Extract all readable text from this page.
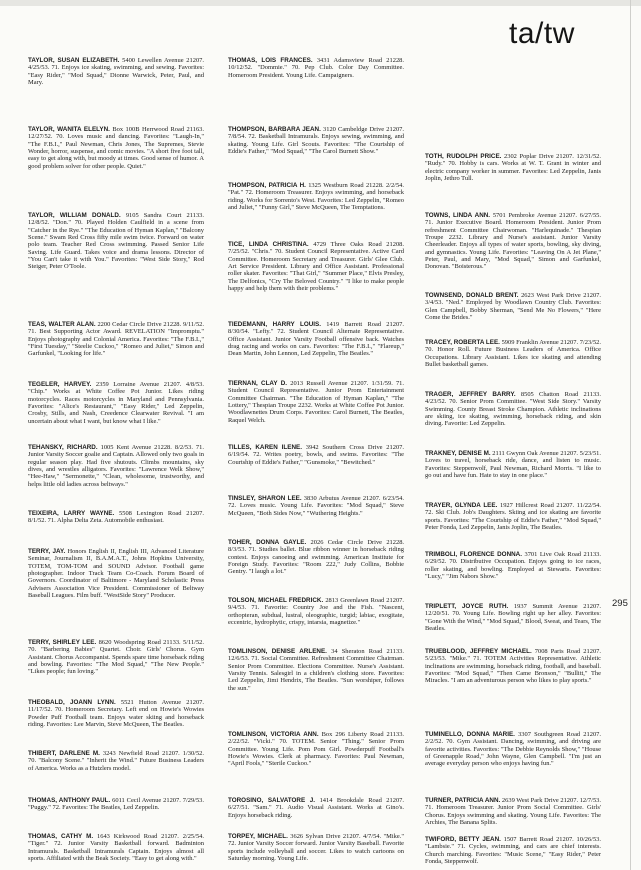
ta/tw
295
TAYLOR, SUSAN ELIZABETH. 5400 Lewellen Avenue 21207. 4/25/53. 71. Enjoys ice skating, swimming, and sewing. Favorites: "Easy Rider," "Mod Squad," Dionne Warwick, Peter, Paul, and Mary.
TAYLOR, WANITA ELELYN. Box 100B Herrwood Road 21163. 12/27/52. 70. Loves music and dancing. Favorites: "Laugh-In," "The F.B.I.," Paul Newman, Chris Jones, The Supremes, Stevie Wonder, horror, suspense, and comic movies. "A short five foot tall, easy to get along with, but moody at times. Good sense of humor. A good problem solver for other people. Quiet."
TAYLOR, WILLIAM DONALD. 9105 Sandra Court 21133. 12/8/52. "Don." 70. Played Holden Caulfield in a scene from "Catcher in the Rye." "The Education of Hyman Kaplan," "Balcony Scene." Swam Red Cross fifty mile swim twice. Forward on water polo team. Teacher Red Cross swimming. Passed Senior Life Saving. Life Guard. Takes voice and drama lessons. Director of "You Can't take it with You." Favorites: "West Side Story," Rod Steiger, Peter O'Toole.
TEAS, WALTER ALAN. 2200 Cedar Circle Drive 21228. 9/11/52. 71. Best Supporting Actor Award. REVELATION "Impromptu." Enjoys photography and Colonial America. Favorites: "The F.B.I.," "First Tuesday," "Steelie Cuckoo," "Romeo and Juliet," Simon and Garfunkel, "Looking for life."
TEGELER, HARVEY. 2359 Lorraine Avenue 21207. 4/8/53. "Chip." Works at White Coffee Pot Junior. Likes riding motorcycles. Races motorcycles in Maryland and Pennsylvania. Favorites: "Alice's Restaurant," "Easy Rider," Led Zeppelin, Crosby, Stills, and Nash, Creedence Clearwater Revival. "I am uncertain about what I want, but know what I like."
TEHANSKY, RICHARD. 1005 Kent Avenue 21228. 8/2/53. 71. Junior Varsity Soccer goalie and Captain. Allowed only two goals in regular season play. Had five shutouts. Climbs mountains, sky dives, and wrestles alligators. Favorites: "Lawrence Welk Show," "Hee-Haw," "Sermonette," "Clean, wholesome, trustworthy, and helps little old ladies across beltways."
TEIXEIRA, LARRY WAYNE. 5508 Lexington Road 21207. 8/1/52. 71. Alpha Delta Zeta. Automobile enthusiast.
TERRY, JAY. Honors English II, English III, Advanced Literature Seminar, Journalism II, B.A.M.A.T., Johns Hopkins University, TOTEM, TOM-TOM and SOUND Advisor. Football game photographer. Indoor Track Team Co-Coach. Forum Board of Governors. Coordinator of Baltimore - Maryland Scholastic Press Advisers Association Vice President. Commissioner of Beltway Baseball Leagues. Film buff. "WestSide Story" Producer.
TERRY, SHIRLEY LEE. 8620 Woodspring Road 21133. 5/11/52. 70. "Barbering Babies" Quartet. Choir. Girls' Chorus. Gym Assistant. Chorus Accompanist. Spends spare time horseback riding and bowling. Favorites: "The Mod Squad," "The New People." "Likes people; fun loving."
THEOBALD, JOANN LYNN. 5521 Hutton Avenue 21207. 11/17/52. 70. Homeroom Secretary. Left end on Howie's Wowies Powder Puff Football team. Enjoys water skiing and horseback riding. Favorites: Lee Marvin, Steve McQueen, The Beatles.
THIBERT, DARLENE M. 3243 Newfield Road 21207. 1/30/52. 70. "Balcony Scene." "Inherit the Wind." Future Business Leaders of America. Works as a Hutzlers model.
THOMAS, ANTHONY PAUL. 6011 Cecil Avenue 21207. 7/29/53. "Puggy." 72. Favorites: The Beatles, Led Zeppelin.
THOMAS, CATHY M. 1643 Kirkwood Road 21207. 2/25/54. "Tiger." 72. Junior Varsity Basketball forward. Badminton Intramurals. Basketball Intramurals Captain. Enjoys almost all sports. Affiliated with the Beak Society. "Easy to get along with."
THOMAS, LOIS FRANCES. 3431 Adamsview Road 21228. 10/12/52. "Dommie." 70. Pep Club. Color Day Committee. Homeroom President. Young Life. Campaigners.
THOMPSON, BARBARA JEAN. 3120 Cambeldge Drive 21207. 7/8/54. 72. Basketball Intramurals. Enjoys sewing, swimming, and skating. Young Life. Girl Scouts. Favorites: "The Courtship of Eddie's Father," "Mod Squad," "The Carol Burnett Show."
THOMPSON, PATRICIA H. 1325 Westburn Road 21228. 2/2/54. "Pat." 72. Homeroom Treasurer. Enjoys swimming, and horseback riding. Works for Sorrento's West. Favorites: Led Zeppelin, "Romeo and Juliet," "Funny Girl," Steve McQueen, The Temptations.
TICE, LINDA CHRISTINA. 4729 Three Oaks Road 21208. 7/25/52. "Chris." 70. Student Council Representative. Active Card Committee. Homeroom Secretary and Treasurer. Girls' Glee Club. Art Service President. Library and Office Assistant. Professional roller skater. Favorites: "That Girl," "Summer Place," Elvis Presley, The Delfonics, "Cry The Beloved Country." "I like to make people happy and help them with their problems."
TIEDEMANN, HARRY LOUIS. 1419 Barrett Road 21207. 8/30/54. "Lefty." 72. Student Council Alternate Representative. Office Assistant. Junior Varsity Football offensive back. Watches drag racing and works on cars. Favorites: "The F.B.I.," "Flareup," Dean Martin, John Lennon, Led Zeppelin, The Beatles."
TIERNAN, CLAY D. 2013 Russell Avenue 21207. 1/31/59. 71. Student Council Representative. Junior Prom Entertainment Committee Chairman. "The Education of Hyman Kaplan," "The Lottery," Thespian Troupe 2232. Works at White Coffee Pot Junior. Woodlawnettes Drum Corps. Favorites: Carol Burnett, The Beatles, Raquel Welch.
TILLES, KAREN ILENE. 3942 Southern Cross Drive 21207. 6/19/54. 72. Writes poetry, bowls, and swims. Favorites: "The Courtship of Eddie's Father," "Gunsmoke," "Bewitched."
TINSLEY, SHARON LEE. 3830 Arbutus Avenue 21207. 6/23/54. 72. Loves music. Young Life. Favorites: "Mod Squad," Steve McQueen, "Both Sides Now," "Wuthering Heights."
TOHER, DONNA GAYLE. 2026 Cedar Circle Drive 21228. 8/3/53. 71. Studies ballet. Blue ribbon winner in horseback riding contest. Enjoys canoeing and swimming. American Institute for Foreign Study. Favorites: "Room 222," Judy Collins, Bobbie Gentry. "I laugh a lot."
TOLSON, MICHAEL FREDRICK. 2813 Greenlawn Road 21207. 9/4/53. 71. Favorite: Country Joe and the Fish. "Nascent, orthopteran, subdual, lustral, oleographic, turgid; labiac, exogitate, eccentric, hydrophytic, crispy, intarsia, magnetize."
TOMLINSON, DENISE ARLENE. 34 Sheraton Road 21133. 12/6/53. 71. Social Committee. Refreshment Committee Chairman. Senior Prom Committee. Elections Committee. Nurse's Assistant. Varsity Tennis. Salesgirl in a children's clothing store. Favorites: Led Zeppelin, Jimi Hendrix, The Beatles. "Sun worshiper, follows the sun."
TOMLINSON, VICTORIA ANN. Box 296 Liberty Road 21133. 2/22/52. "Vicki." 70. TOTEM. Senior "Thing." Senior Prom Committee. Young Life. Pom Pom Girl. Powderpuff Football's Howie's Wowies. Clerk at pharmacy. Favorites: Paul Newman, "April Fools," "Sterile Cuckoo."
TOROSINO, SALVATORE J. 1414 Brookdale Road 21207. 6/27/51. "Sam." 71. Audio Visual Assistant. Works at Gino's. Enjoys horseback riding.
TORPEY, MICHAEL. 3626 Sylvan Drive 21207. 4/7/54. "Mike." 72. Junior Varsity Soccer forward. Junior Varsity Baseball. Favorite sports include volleyball and soccer. Likes to watch cartoons on Saturday morning. Young Life.
TOTH, RUDOLPH PRICE. 2302 Poplar Drive 21207. 12/31/52. "Rudy." 70. Hobby is cars. Works at W. T. Grant in winter and electric company worker in summer. Favorites: Led Zeppelin, Janis Joplin, Jethro Tull.
TOWNS, LINDA ANN. 5701 Pembroke Avenue 21207. 6/27/55. 71. Junior Executive Board. Homeroom President. Junior Prom refreshment Committee Chairwoman. "Harlequinade." Thespian Troupe 2232. Library and Nurse's assistant. Junior Varsity Cheerleader. Enjoys all types of water sports, bowling, sky diving, and gymnastics. Young Life. Favorites: "Leaving On A Jet Plane," Peter, Paul, and Mary, "Mod Squad," Simon and Garfunkel, Donovan. "Boisterous."
TOWNSEND, DONALD BRENT. 2623 West Park Drive 21207. 3/4/53. "Ned." Employed by Woodlawn Country Club. Favorites: Glen Campbell, Bobby Sherman, "Send Me No Flowers," "Here Come the Brides."
TRACEY, ROBERTA LEE. 5909 Franklin Avenue 21207. 7/23/52. 70. Honor Roll. Future Business Leaders of America. Office Occupations. Library Assistant. Likes ice skating and attending Bullet basketball games.
TRAGER, JEFFREY BARRY. 8505 Chatton Road 21133. 4/23/52. 70. Senior Prom Committee. "West Side Story." Varsity Swimming. County Breast Stroke Champion. Athletic inclinations are skiing, ice skating, swimming, horseback riding, and skin diving. Favorite: Led Zeppelin.
TRAKNEY, DENISE M. 2111 Gwynn Oak Avenue 21207. 5/23/51. Loves to travel, horseback ride, dance, and listen to music. Favorites: Steppenwolf, Paul Newman, Richard Morris. "I like to go out and have fun. Hate to stay in one place."
TRAYER, GLYNDA LEE. 1927 Hillcrest Road 21207. 11/22/54. 72. Ski Club. Job's Daughters. Skiing and ice skating are favorite sports. Favorites: "The Courtship of Eddie's Father," "Mod Squad," Peter Fonda, Led Zeppelin, Janis Joplin, The Beatles.
TRIMBOLI, FLORENCE DONNA. 3701 Live Oak Road 21133. 6/29/52. 70. Distributive Occupation. Enjoys going to ice races, roller skating, and bowling. Employed at Stewarts. Favorites: "Lucy," "Jim Nabors Show."
TRIPLETT, JOYCE RUTH. 1937 Summit Avenue 21207. 12/20/51. 70. Young Life. Bowling right up her alley. Favorites: "Gone With the Wind," "Mod Squad," Blood, Sweat, and Tears, The Beatles.
TRUEBLOOD, JEFFREY MICHAEL. 7008 Paris Road 21207. 5/23/53. "Mike." 71. TOTEM Activities Representative. Athletic inclinations are swimming, horseback riding, football, and baseball. Favorites: "Mod Squad," "Then Came Bronson," "Bullitt," The Miracles. "I am an adventurous person who likes to play sports."
TUMINELLO, DONNA MARIE. 3307 Southgreen Road 21207. 2/2/52. 70. Gym Assistant. Dancing, swimming, and driving are favorite activities. Favorites: "The Debbie Reynolds Show," "House of Greenapple Road," John Wayne, Glen Campbell. "I'm just an average everyday person who enjoys having fun."
TURNER, PATRICIA ANN. 2639 West Park Drive 21207. 12/7/53. 71. Homeroom Treasurer. Junior Prom Social Committee. Girls' Chorus. Enjoys swimming and skating. Young Life. Favorites: The Archies, The Banana Splits.
TWIFORD, BETTY JEAN. 1507 Barrett Road 21207. 10/26/53. "Lambsie." 71. Cycles, swimming, and cars are chief interests. Church marching. Favorites: "Music Scene," "Easy Rider," Peter Fonda, Steppenwolf.
